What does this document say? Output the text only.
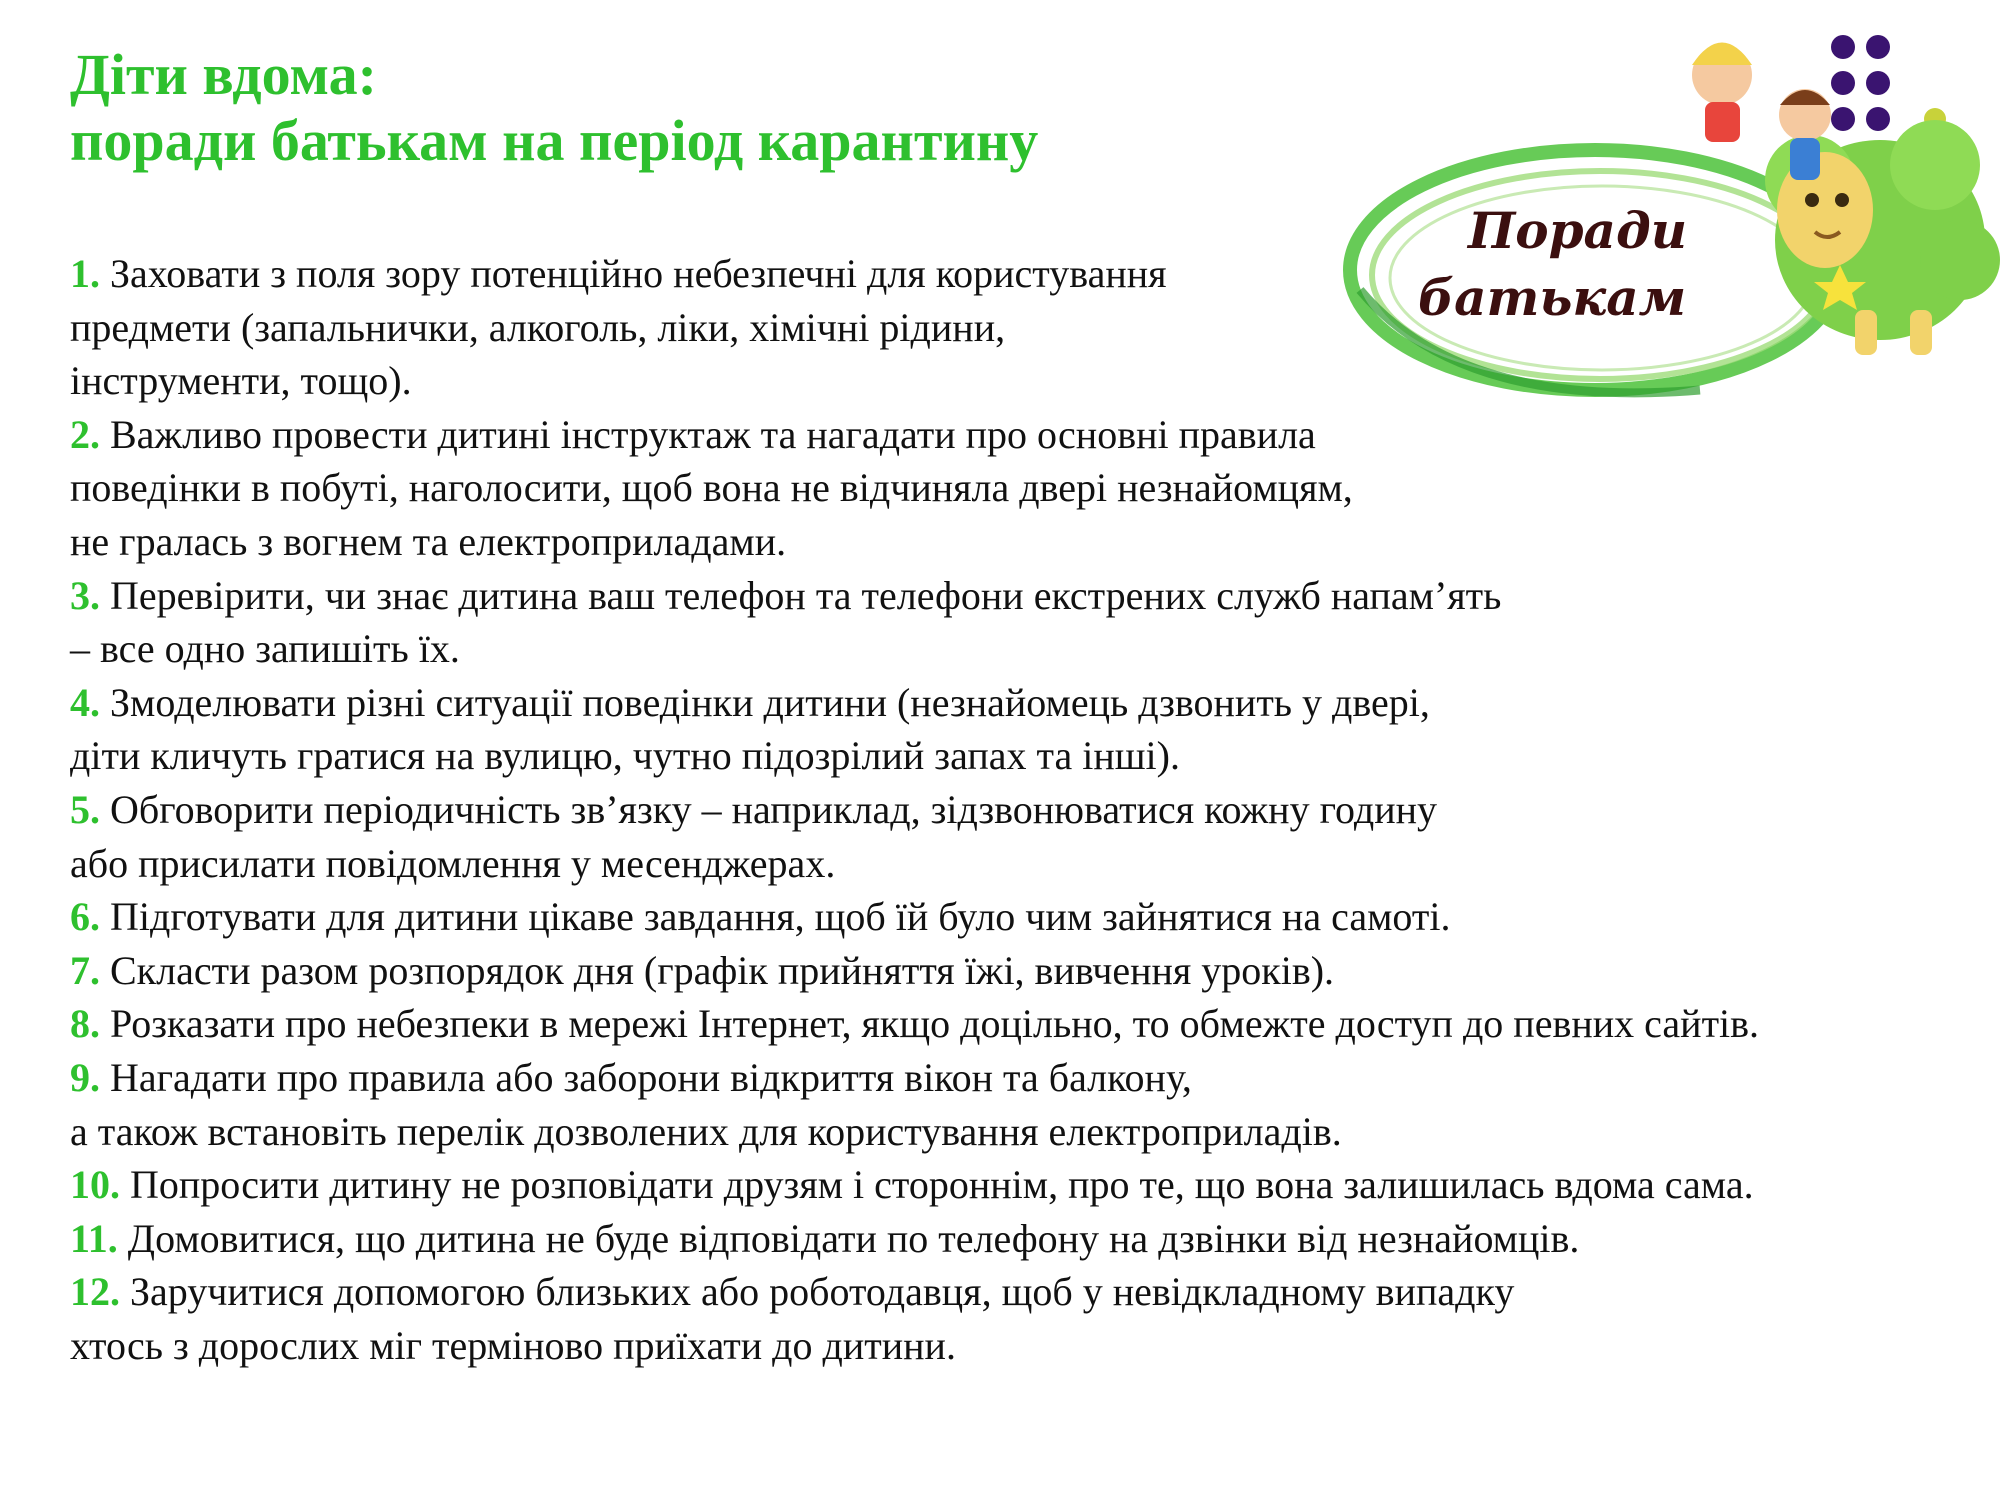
Діти вдома:
поради батькам на період карантину
Поради
батькам
1. Заховати з поля зору потенційно небезпечні для користування
предмети (запальнички, алкоголь, ліки, хімічні рідини,
інструменти, тощо).
2. Важливо провести дитині інструктаж та нагадати про основні правила
поведінки в побуті, наголосити, щоб вона не відчиняла двері незнайомцям,
не гралась з вогнем та електроприладами.
3. Перевірити, чи знає дитина ваш телефон та телефони екстрених служб напам’ять
– все одно запишіть їх.
4. Змоделювати різні ситуації поведінки дитини (незнайомець дзвонить у двері,
діти кличуть гратися на вулицю, чутно підозрілий запах та інші).
5. Обговорити періодичність зв’язку – наприклад, зідзвонюватися кожну годину
або присилати повідомлення у месенджерах.
6. Підготувати для дитини цікаве завдання, щоб їй було чим зайнятися на самоті.
7. Скласти разом розпорядок дня (графік прийняття їжі, вивчення уроків).
8. Розказати про небезпеки в мережі Інтернет, якщо доцільно, то обмежте доступ до певних сайтів.
9. Нагадати про правила або заборони відкриття вікон та балкону,
а також встановіть перелік дозволених для користування електроприладів.
10. Попросити дитину не розповідати друзям і стороннім, про те, що вона залишилась вдома сама.
11. Домовитися, що дитина не буде відповідати по телефону на дзвінки від незнайомців.
12. Заручитися допомогою близьких або роботодавця, щоб у невідкладному випадку
хтось з дорослих міг терміново приїхати до дитини.
